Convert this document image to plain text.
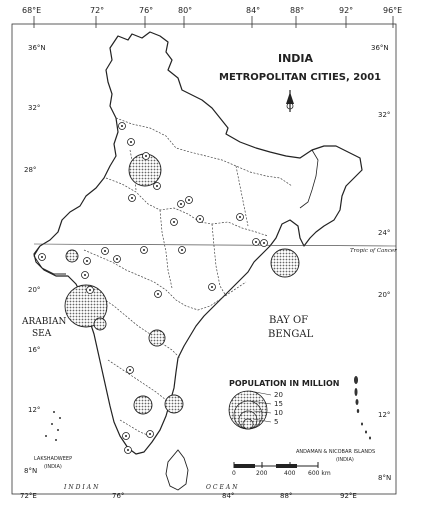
68°E	72°	76°	80°	84°	88°	92°	96°E
36°N
32°
28°
20°
16°
12°
8°N
36°N
32°
24°
20°
12°
8°N
72°E	76°	84°	88°	92°E
Tropic of Cancer
INDIA
METROPOLITAN CITIES, 2001
ARABIAN
SEA
BAY OF
BENGAL
INDIAN	OCEAN
LAKSHADWEEP
(INDIA)
ANDAMAN & NICOBAR ISLANDS
(INDIA)
POPULATION IN MILLION
20
15
10
5
0	200	400 600 km
